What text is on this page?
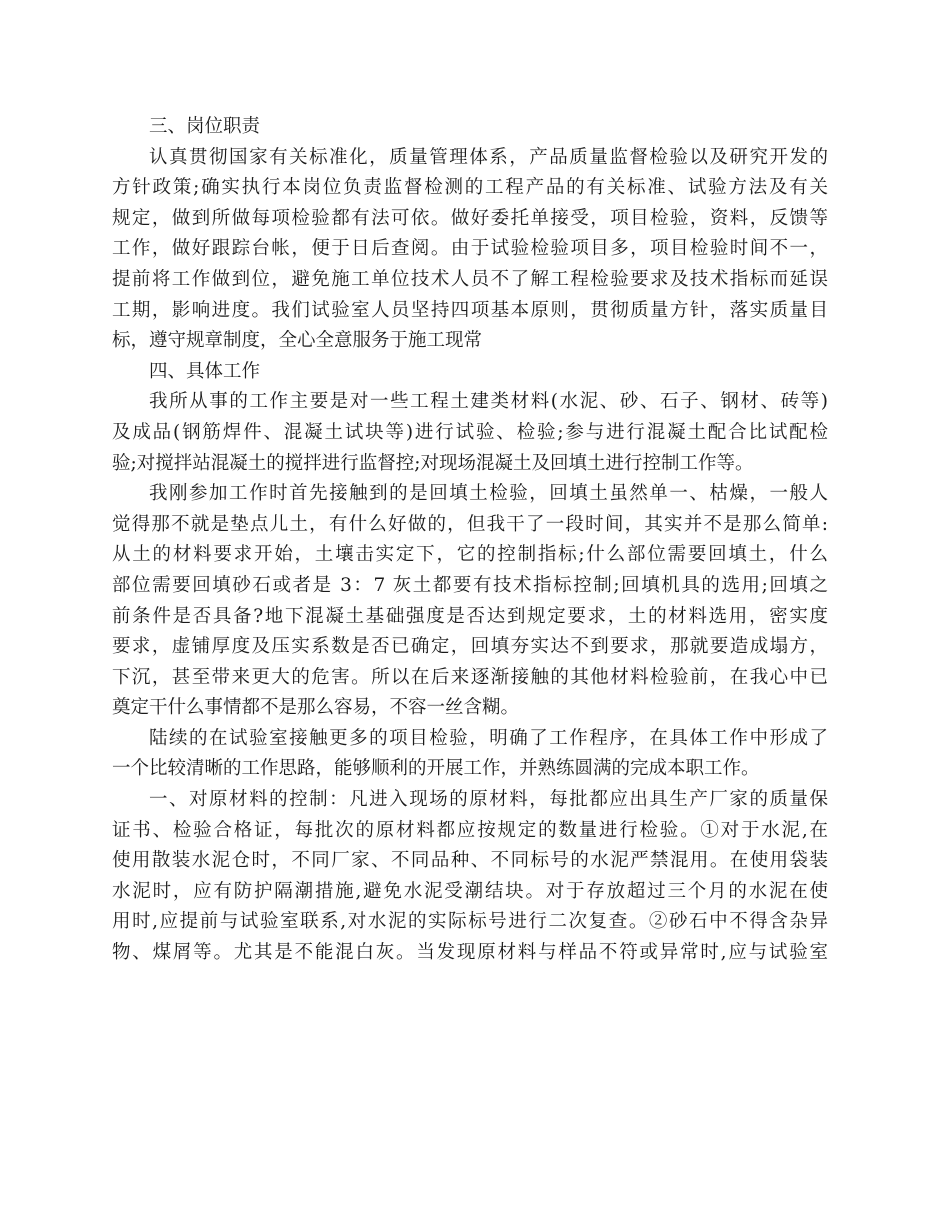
三、岗位职责
认真贯彻国家有关标准化，质量管理体系，产品质量监督检验以及研究开发的
方针政策;确实执行本岗位负责监督检测的工程产品的有关标准、试验方法及有关
规定，做到所做每项检验都有法可依。做好委托单接受，项目检验，资料，反馈等
工作，做好跟踪台帐，便于日后查阅。由于试验检验项目多，项目检验时间不一，
提前将工作做到位，避免施工单位技术人员不了解工程检验要求及技术指标而延误
工期，影响进度。我们试验室人员坚持四项基本原则，贯彻质量方针，落实质量目
标，遵守规章制度，全心全意服务于施工现常
四、具体工作
我所从事的工作主要是对一些工程土建类材料(水泥、砂、石子、钢材、砖等)
及成品(钢筋焊件、混凝土试块等)进行试验、检验;参与进行混凝土配合比试配检
验;对搅拌站混凝土的搅拌进行监督控;对现场混凝土及回填土进行控制工作等。
我刚参加工作时首先接触到的是回填土检验，回填土虽然单一、枯燥，一般人
觉得那不就是垫点儿土，有什么好做的，但我干了一段时间，其实并不是那么简单:
从土的材料要求开始，土壤击实定下，它的控制指标;什么部位需要回填土，什么
部位需要回填砂石或者是 3：7 灰土都要有技术指标控制;回填机具的选用;回填之
前条件是否具备?地下混凝土基础强度是否达到规定要求，土的材料选用，密实度
要求，虚铺厚度及压实系数是否已确定，回填夯实达不到要求，那就要造成塌方，
下沉，甚至带来更大的危害。所以在后来逐渐接触的其他材料检验前，在我心中已
奠定干什么事情都不是那么容易，不容一丝含糊。
陆续的在试验室接触更多的项目检验，明确了工作程序，在具体工作中形成了
一个比较清晰的工作思路，能够顺利的开展工作，并熟练圆满的完成本职工作。
一、对原材料的控制：凡进入现场的原材料，每批都应出具生产厂家的质量保
证书、检验合格证，每批次的原材料都应按规定的数量进行检验。①对于水泥,在
使用散装水泥仓时，不同厂家、不同品种、不同标号的水泥严禁混用。在使用袋装
水泥时，应有防护隔潮措施,避免水泥受潮结块。对于存放超过三个月的水泥在使
用时,应提前与试验室联系,对水泥的实际标号进行二次复查。②砂石中不得含杂异
物、煤屑等。尤其是不能混白灰。当发现原材料与样品不符或异常时,应与试验室
